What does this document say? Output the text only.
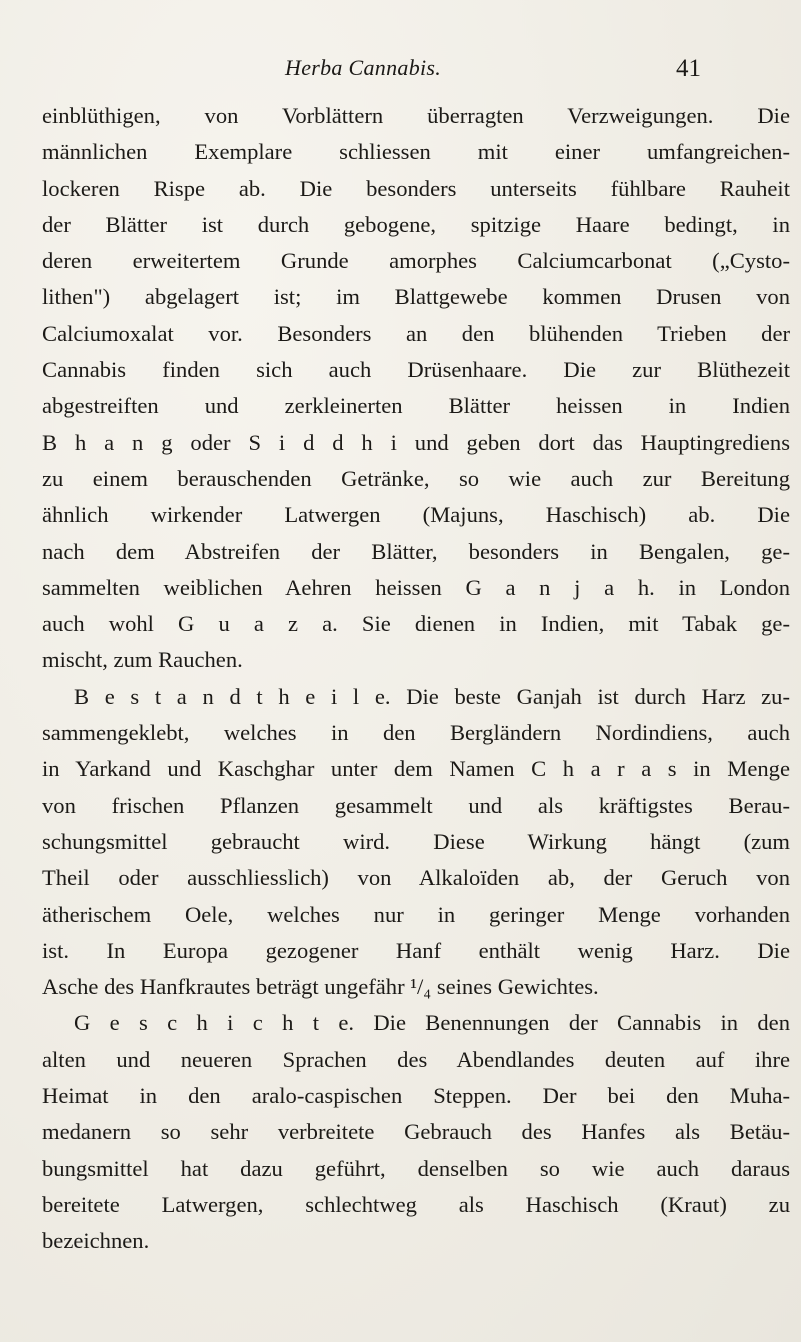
Herba Cannabis.	41
einblüthigen, von Vorblättern überragten Verzweigungen. Die
männlichen Exemplare schliessen mit einer umfangreichen-
lockeren Rispe ab. Die besonders unterseits fühlbare Rauheit
der Blätter ist durch gebogene, spitzige Haare bedingt, in
deren erweitertem Grunde amorphes Calciumcarbonat („Cysto-
lithen") abgelagert ist; im Blattgewebe kommen Drusen von
Calciumoxalat vor. Besonders an den blühenden Trieben der
Cannabis finden sich auch Drüsenhaare. Die zur Blüthezeit
abgestreiften und zerkleinerten Blätter heissen in Indien
B h a n g oder S i d d h i und geben dort das Hauptingrediens
zu einem berauschenden Getränke, so wie auch zur Bereitung
ähnlich wirkender Latwergen (Majuns, Haschisch) ab. Die
nach dem Abstreifen der Blätter, besonders in Bengalen, ge-
sammelten weiblichen Aehren heissen G a n j a h. in London
auch wohl G u a z a. Sie dienen in Indien, mit Tabak ge-
mischt, zum Rauchen.
B e s t a n d t h e i l e. Die beste Ganjah ist durch Harz zu-
sammengeklebt, welches in den Bergländern Nordindiens, auch
in Yarkand und Kaschghar unter dem Namen C h a r a s in Menge
von frischen Pflanzen gesammelt und als kräftigstes Berau-
schungsmittel gebraucht wird. Diese Wirkung hängt (zum
Theil oder ausschliesslich) von Alkaloïden ab, der Geruch von
ätherischem Oele, welches nur in geringer Menge vorhanden
ist. In Europa gezogener Hanf enthält wenig Harz. Die
Asche des Hanfkrautes beträgt ungefähr ¹/₄ seines Gewichtes.
G e s c h i c h t e. Die Benennungen der Cannabis in den
alten und neueren Sprachen des Abendlandes deuten auf ihre
Heimat in den aralo-caspischen Steppen. Der bei den Muha-
medanern so sehr verbreitete Gebrauch des Hanfes als Betäu-
bungsmittel hat dazu geführt, denselben so wie auch daraus
bereitete Latwergen, schlechtweg als Haschisch (Kraut) zu
bezeichnen.
